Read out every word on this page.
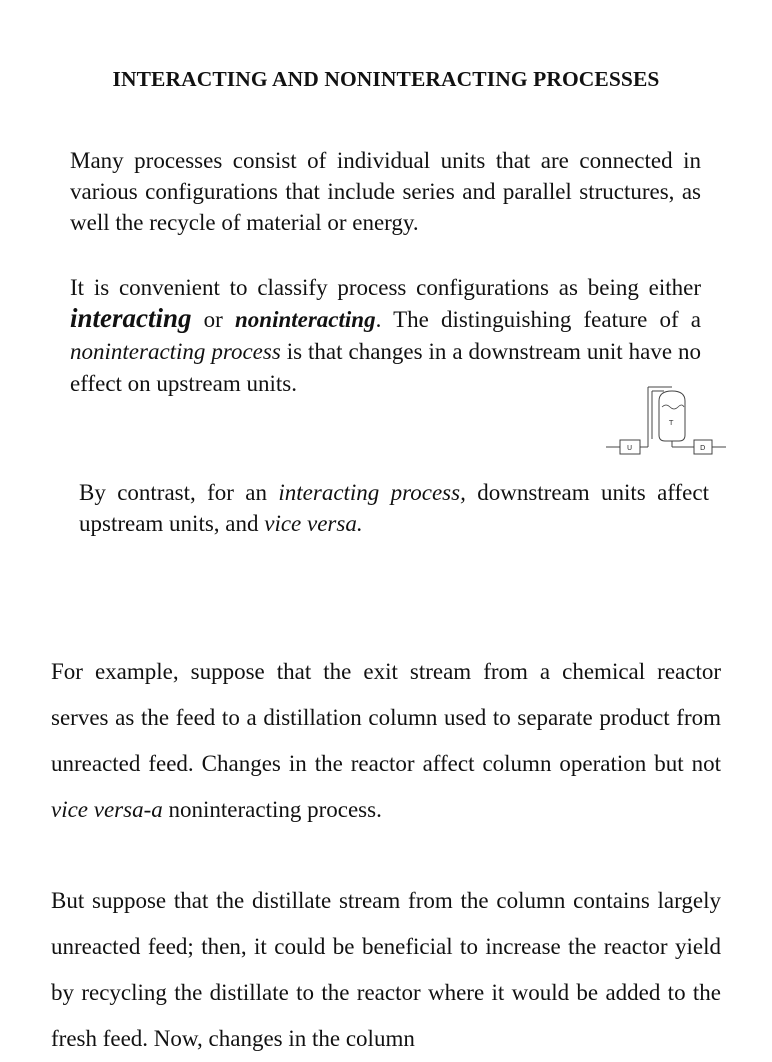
INTERACTING AND NONINTERACTING PROCESSES

Many processes consist of individual units that are connected in various configurations that include series and parallel structures, as well the recycle of material or energy.

It is convenient to classify process configurations as being either interacting or noninteracting. The distinguishing feature of a noninteracting process is that changes in a downstream unit have no effect on upstream units.

U
T
D

By contrast, for an interacting process, downstream units affect upstream units, and vice versa.

For example, suppose that the exit stream from a chemical reactor serves as the feed to a distillation column used to separate product from unreacted feed. Changes in the reactor affect column operation but not vice versa-a noninteracting process.

But suppose that the distillate stream from the column contains largely unreacted feed; then, it could be beneficial to increase the reactor yield by recycling the distillate to the reactor where it would be added to the fresh feed. Now, changes in the column
